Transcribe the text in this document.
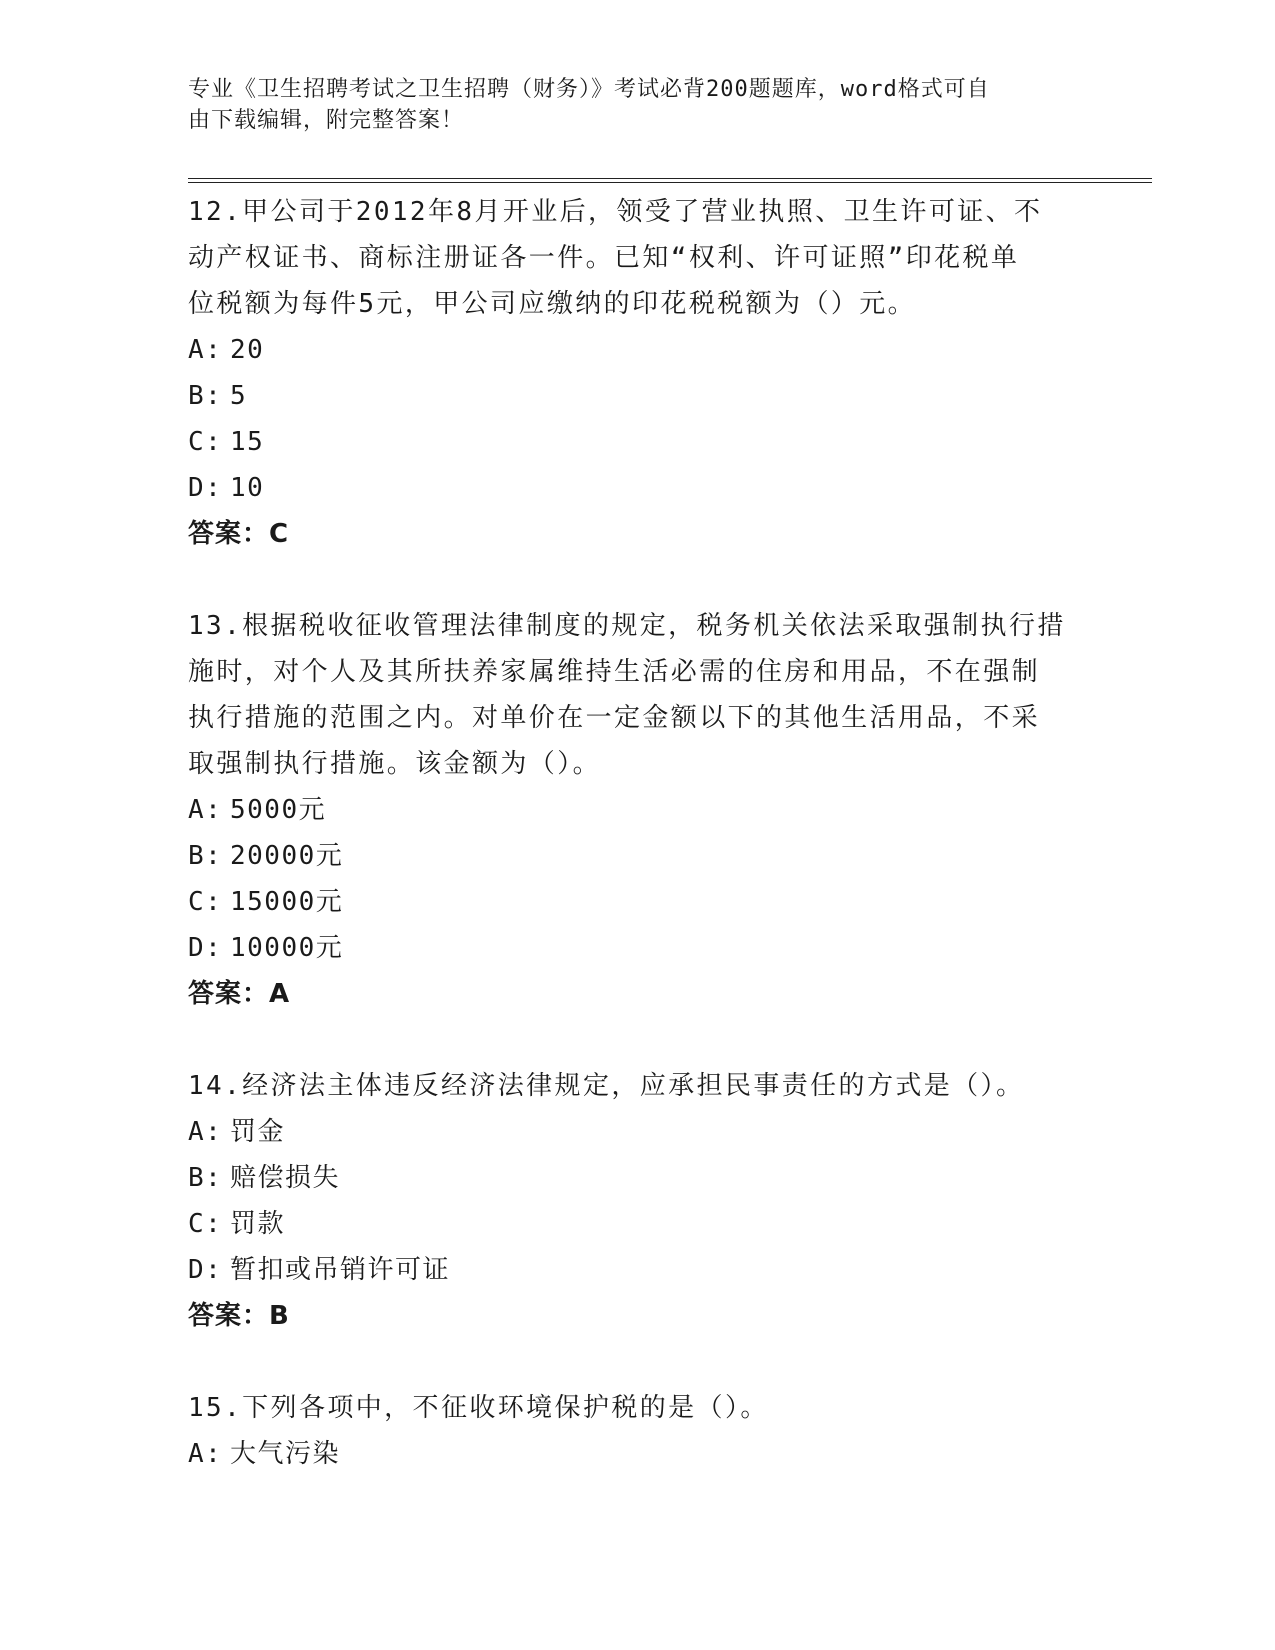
专业《卫生招聘考试之卫生招聘（财务）》考试必背200题题库，word格式可自
由下载编辑，附完整答案！

12.甲公司于2012年8月开业后，领受了营业执照、卫生许可证、不

动产权证书、商标注册证各一件。已知“权利、许可证照”印花税单

位税额为每件5元，甲公司应缴纳的印花税税额为（）元。

A: 20
B: 5
C: 15
D: 10

答案：C

13.根据税收征收管理法律制度的规定，税务机关依法采取强制执行措

施时，对个人及其所扶养家属维持生活必需的住房和用品，不在强制

执行措施的范围之内。对单价在一定金额以下的其他生活用品，不采

取强制执行措施。该金额为（）。

A: 5000元
B: 20000元
C: 15000元
D: 10000元

答案：A

14.经济法主体违反经济法律规定，应承担民事责任的方式是（）。

A: 罚金
B: 赔偿损失
C: 罚款
D: 暂扣或吊销许可证

答案：B

15.下列各项中，不征收环境保护税的是（）。

A: 大气污染
